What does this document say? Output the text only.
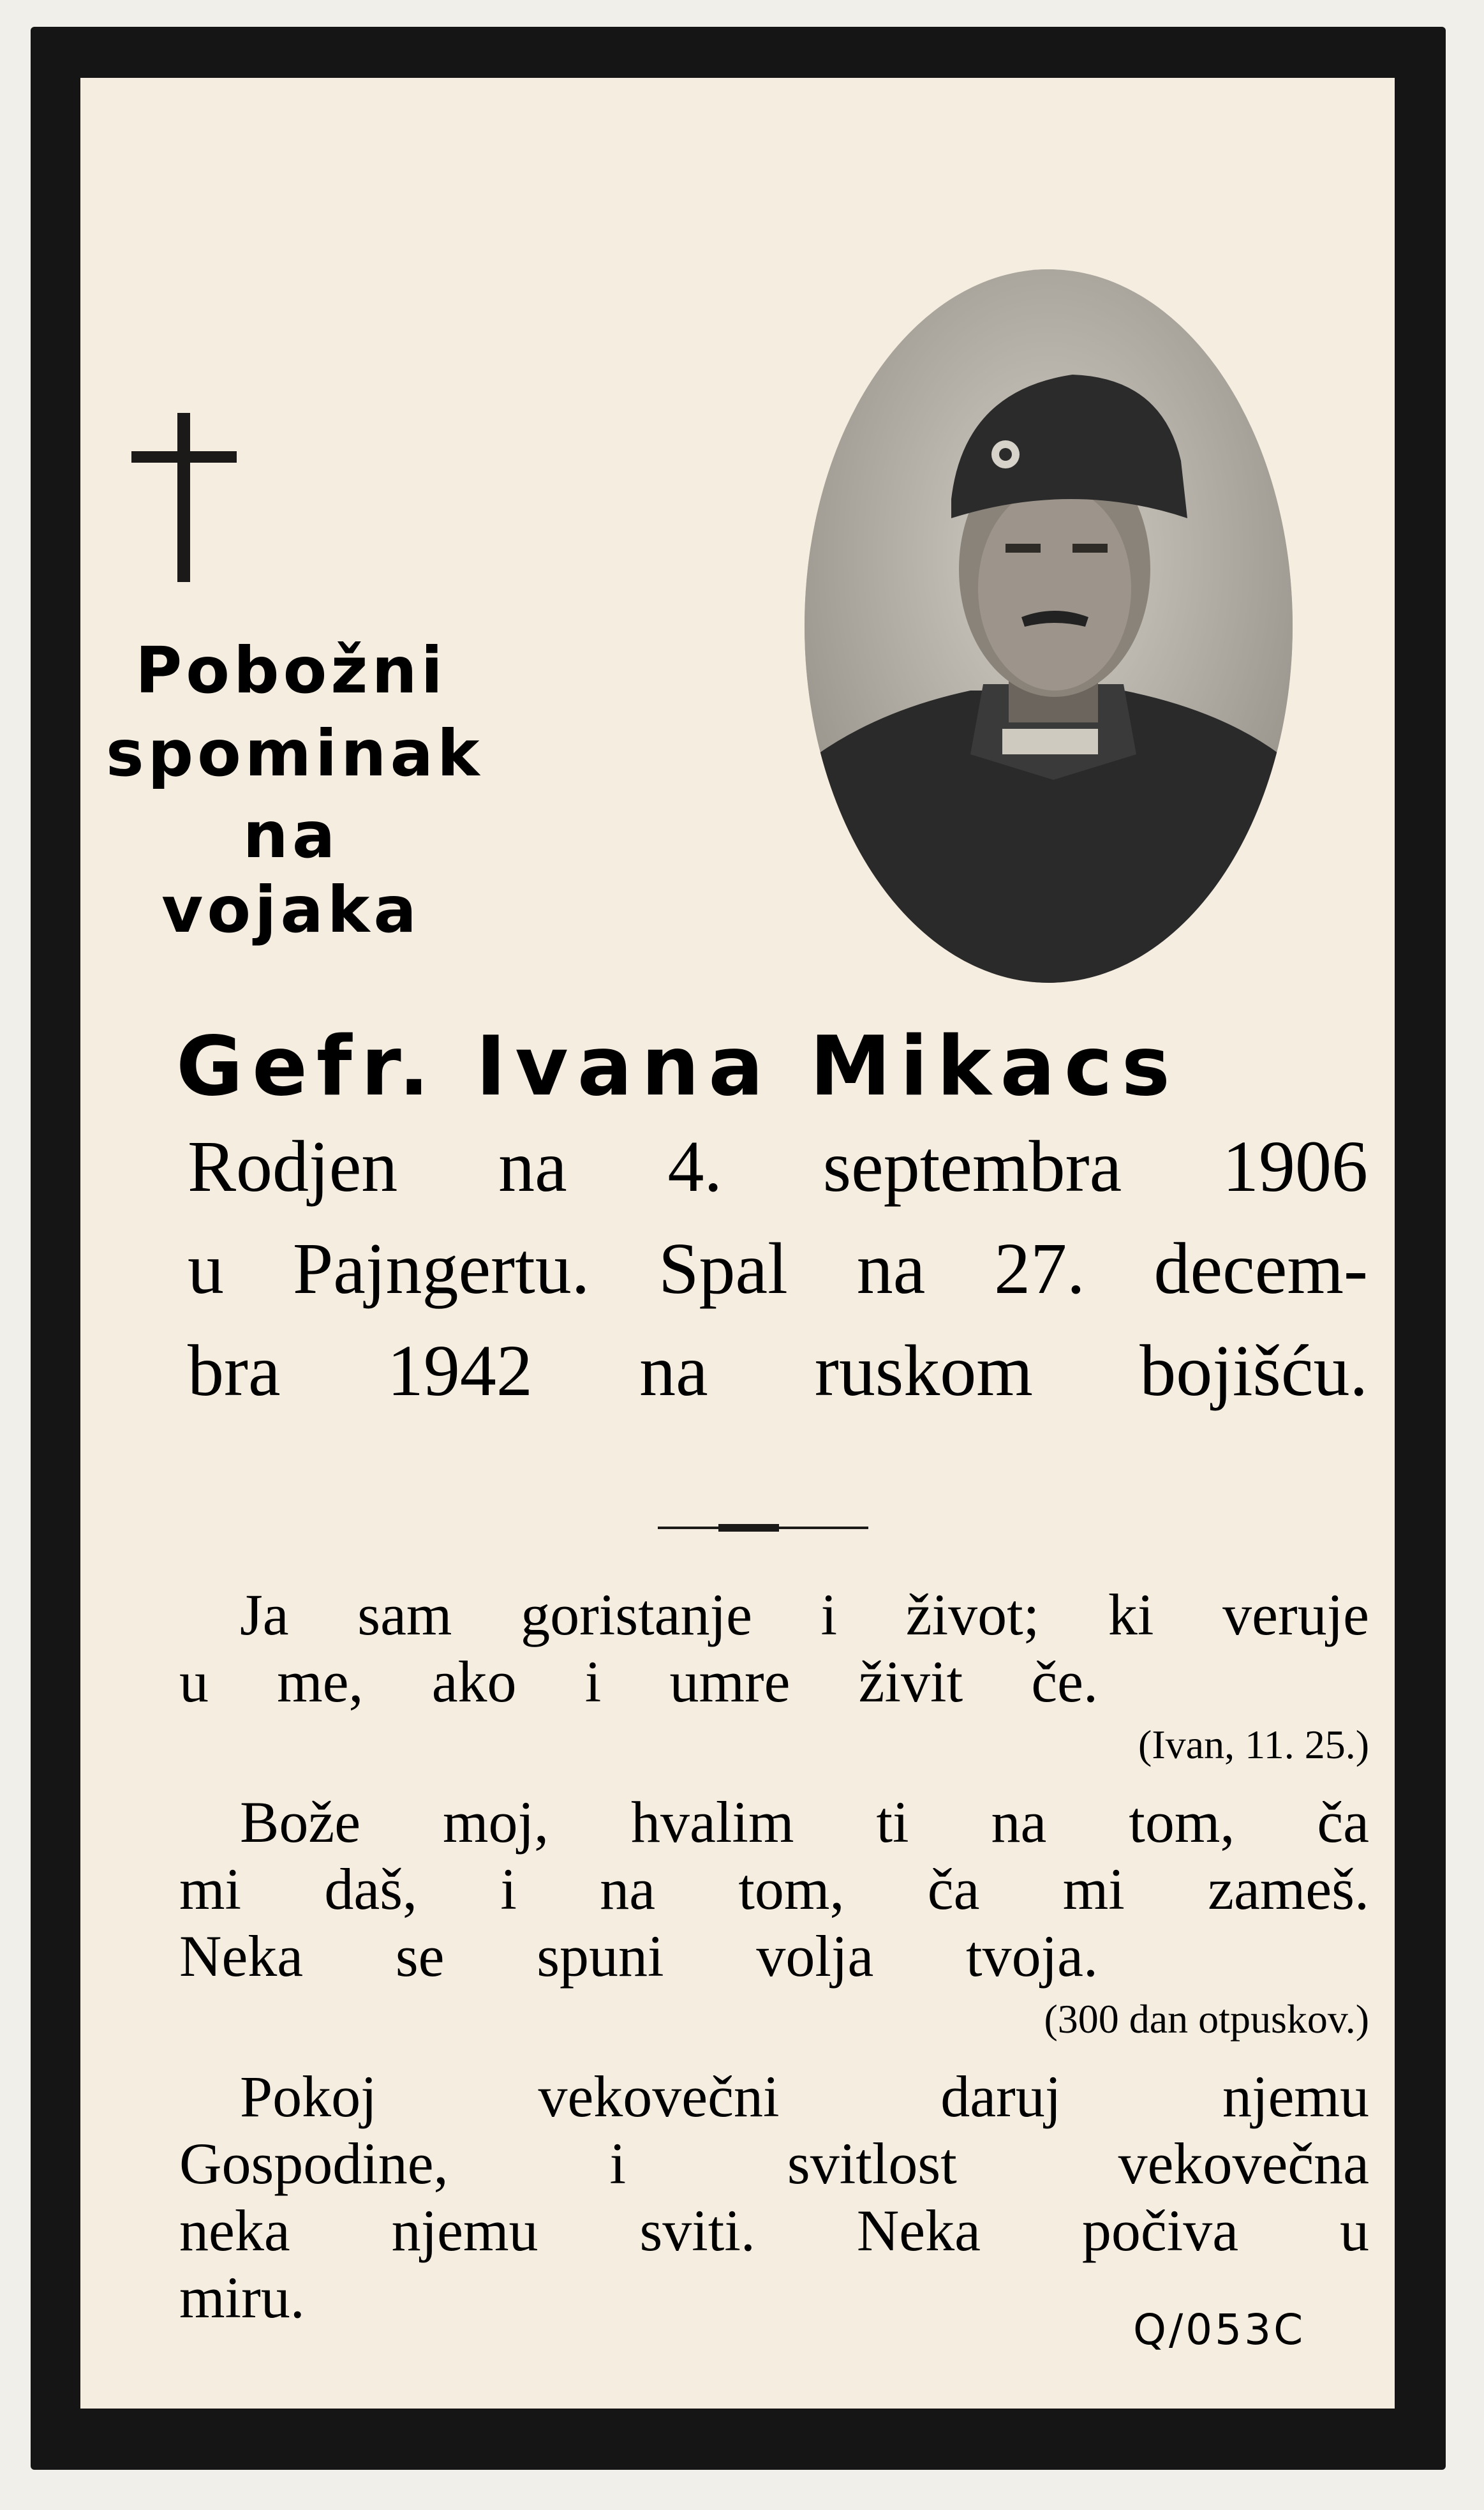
Pobožni
spominak
na vojaka
Gefr. Ivana Mikacs
Rodjen na 4. septembra 1906
u Pajngertu. Spal na 27. decem-
bra 1942 na ruskom bojišću.
Ja sam goristanje i život; ki veruje
u me, ako i umre živit če.
(Ivan, 11. 25.)
Bože moj, hvalim ti na tom, ča
mi daš, i na tom, ča mi zameš.
Neka se spuni volja tvoja.
(300 dan otpuskov.)
Pokoj vekovečni daruj njemu
Gospodine, i svitlost vekovečna
neka njemu sviti. Neka počiva u
miru.	Q/053C
